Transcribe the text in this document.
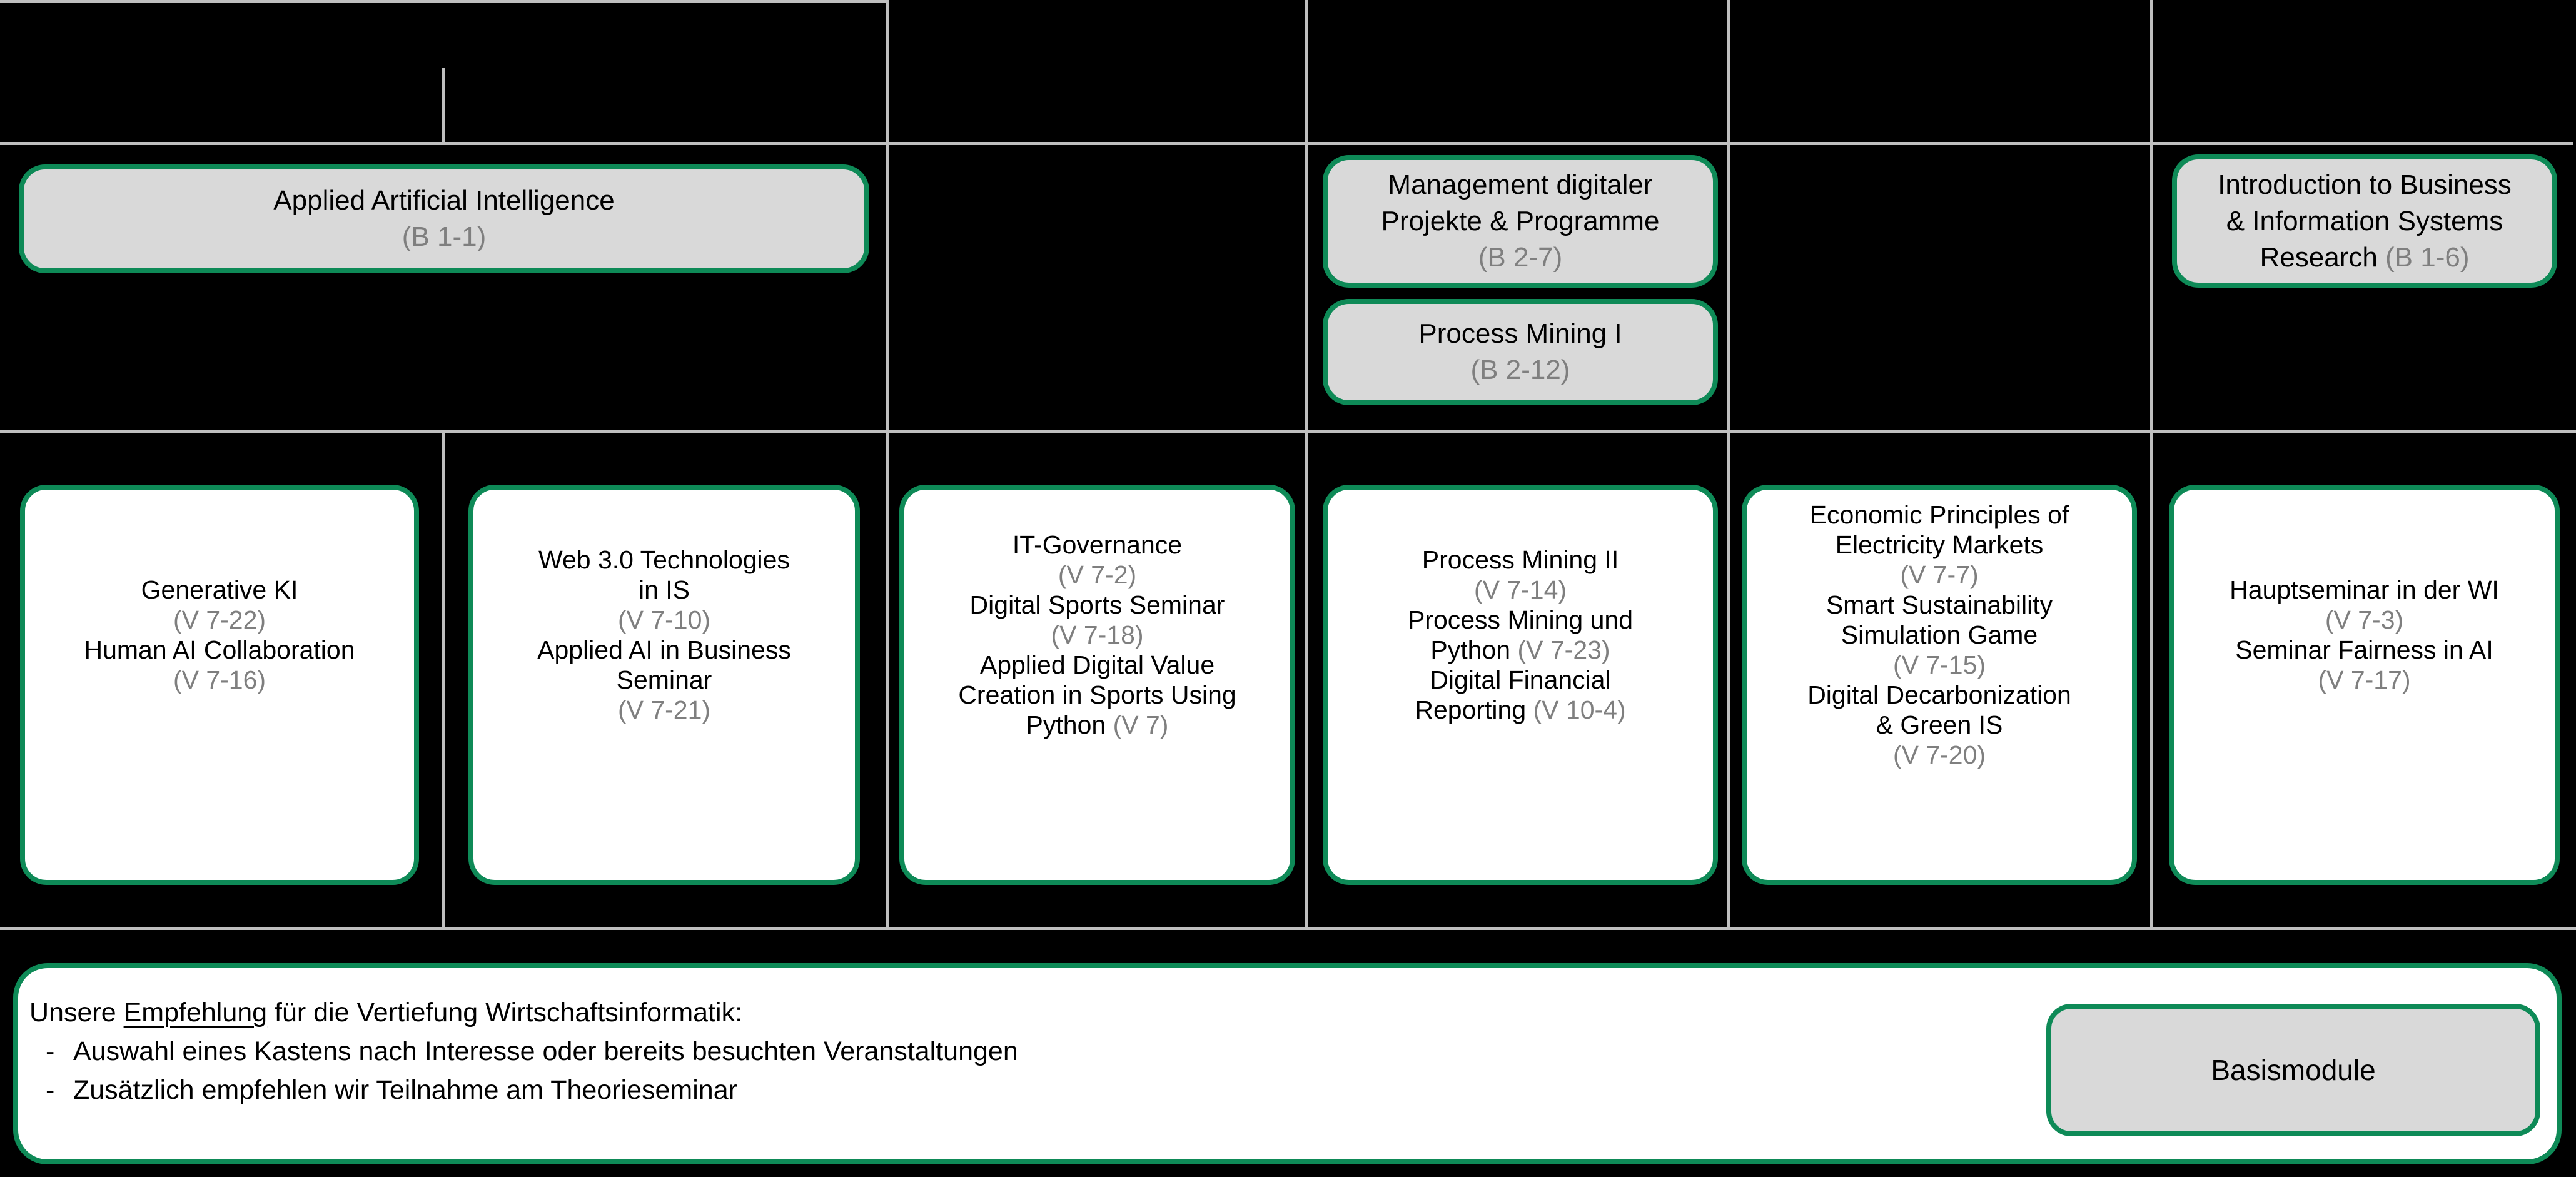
Applied Artificial Intelligence
(B 1-1)
Management digitaler
Projekte & Programme
(B 2-7)
Process Mining I
(B 2-12)
Introduction to Business
& Information Systems
Research (B 1-6)
Generative KI
(V 7-22)
Human AI Collaboration
(V 7-16)
Web 3.0 Technologies
in IS
(V 7-10)
Applied AI in Business
Seminar
(V 7-21)
IT-Governance
(V 7-2)
Digital Sports Seminar
(V 7-18)
Applied Digital Value
Creation in Sports Using
Python (V 7)
Process Mining II
(V 7-14)
Process Mining und
Python (V 7-23)
Digital Financial
Reporting (V 10-4)
Economic Principles of
Electricity Markets
(V 7-7)
Smart Sustainability
Simulation Game
(V 7-15)
Digital Decarbonization
& Green IS
(V 7-20)
Hauptseminar in der WI
(V 7-3)
Seminar Fairness in AI
(V 7-17)
Unsere Empfehlung für die Vertiefung Wirtschaftsinformatik:
- Auswahl eines Kastens nach Interesse oder bereits besuchten Veranstaltungen
- Zusätzlich empfehlen wir Teilnahme am Theorieseminar
Basismodule
